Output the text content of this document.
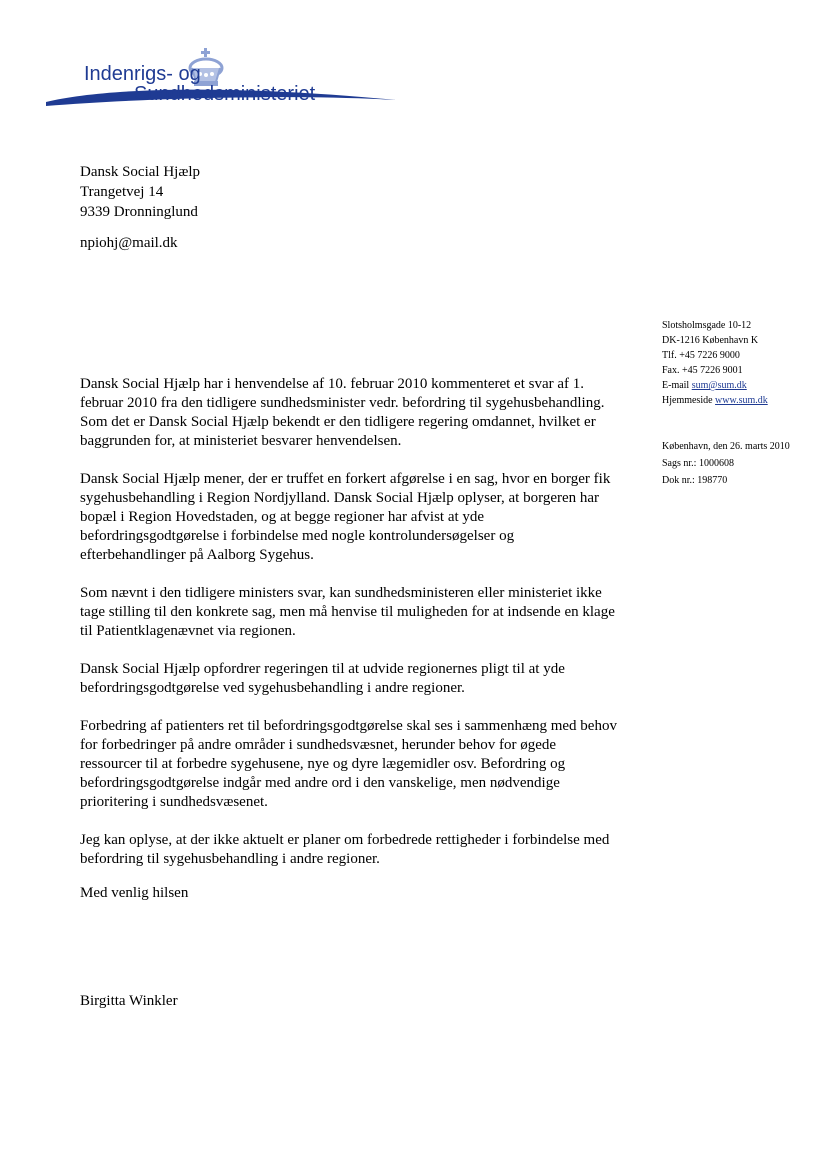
Indenrigs- og
Sundhedsministeriet
Dansk Social Hjælp
Trangetvej 14
9339 Dronninglund
npiohj@mail.dk
Slotsholmsgade 10-12
DK-1216 København K
Tlf. +45 7226 9000
Fax. +45 7226 9001
E-mail sum@sum.dk
Hjemmeside www.sum.dk
København, den 26. marts 2010
Sags nr.: 1000608
Dok nr.: 198770

Dansk Social Hjælp har i henvendelse af 10. februar 2010 kommenteret et svar af 1. februar 2010 fra den tidligere sundhedsminister vedr. befordring til sygehusbehandling. Som det er Dansk Social Hjælp bekendt er den tidligere regering omdannet, hvilket er baggrunden for, at ministeriet besvarer henvendelsen.

Dansk Social Hjælp mener, der er truffet en forkert afgørelse i en sag, hvor en borger fik sygehusbehandling i Region Nordjylland. Dansk Social Hjælp oplyser, at borgeren har bopæl i Region Hovedstaden, og at begge regioner har afvist at yde befordringsgodtgørelse i forbindelse med nogle kontrolundersøgelser og efterbehandlinger på Aalborg Sygehus.

Som nævnt i den tidligere ministers svar, kan sundhedsministeren eller ministeriet ikke tage stilling til den konkrete sag, men må henvise til muligheden for at indsende en klage til Patientklagenævnet via regionen.

Dansk Social Hjælp opfordrer regeringen til at udvide regionernes pligt til at yde befordringsgodtgørelse ved sygehusbehandling i andre regioner.

Forbedring af patienters ret til befordringsgodtgørelse skal ses i sammenhæng med behov for forbedringer på andre områder i sundhedsvæsnet, herunder behov for øgede ressourcer til at forbedre sygehusene, nye og dyre lægemidler osv. Befordring og befordringsgodtgørelse indgår med andre ord i den vanskelige, men nødvendige prioritering i sundhedsvæsenet.

Jeg kan oplyse, at der ikke aktuelt er planer om forbedrede rettigheder i forbindelse med befordring til sygehusbehandling i andre regioner.

Med venlig hilsen
Birgitta Winkler
